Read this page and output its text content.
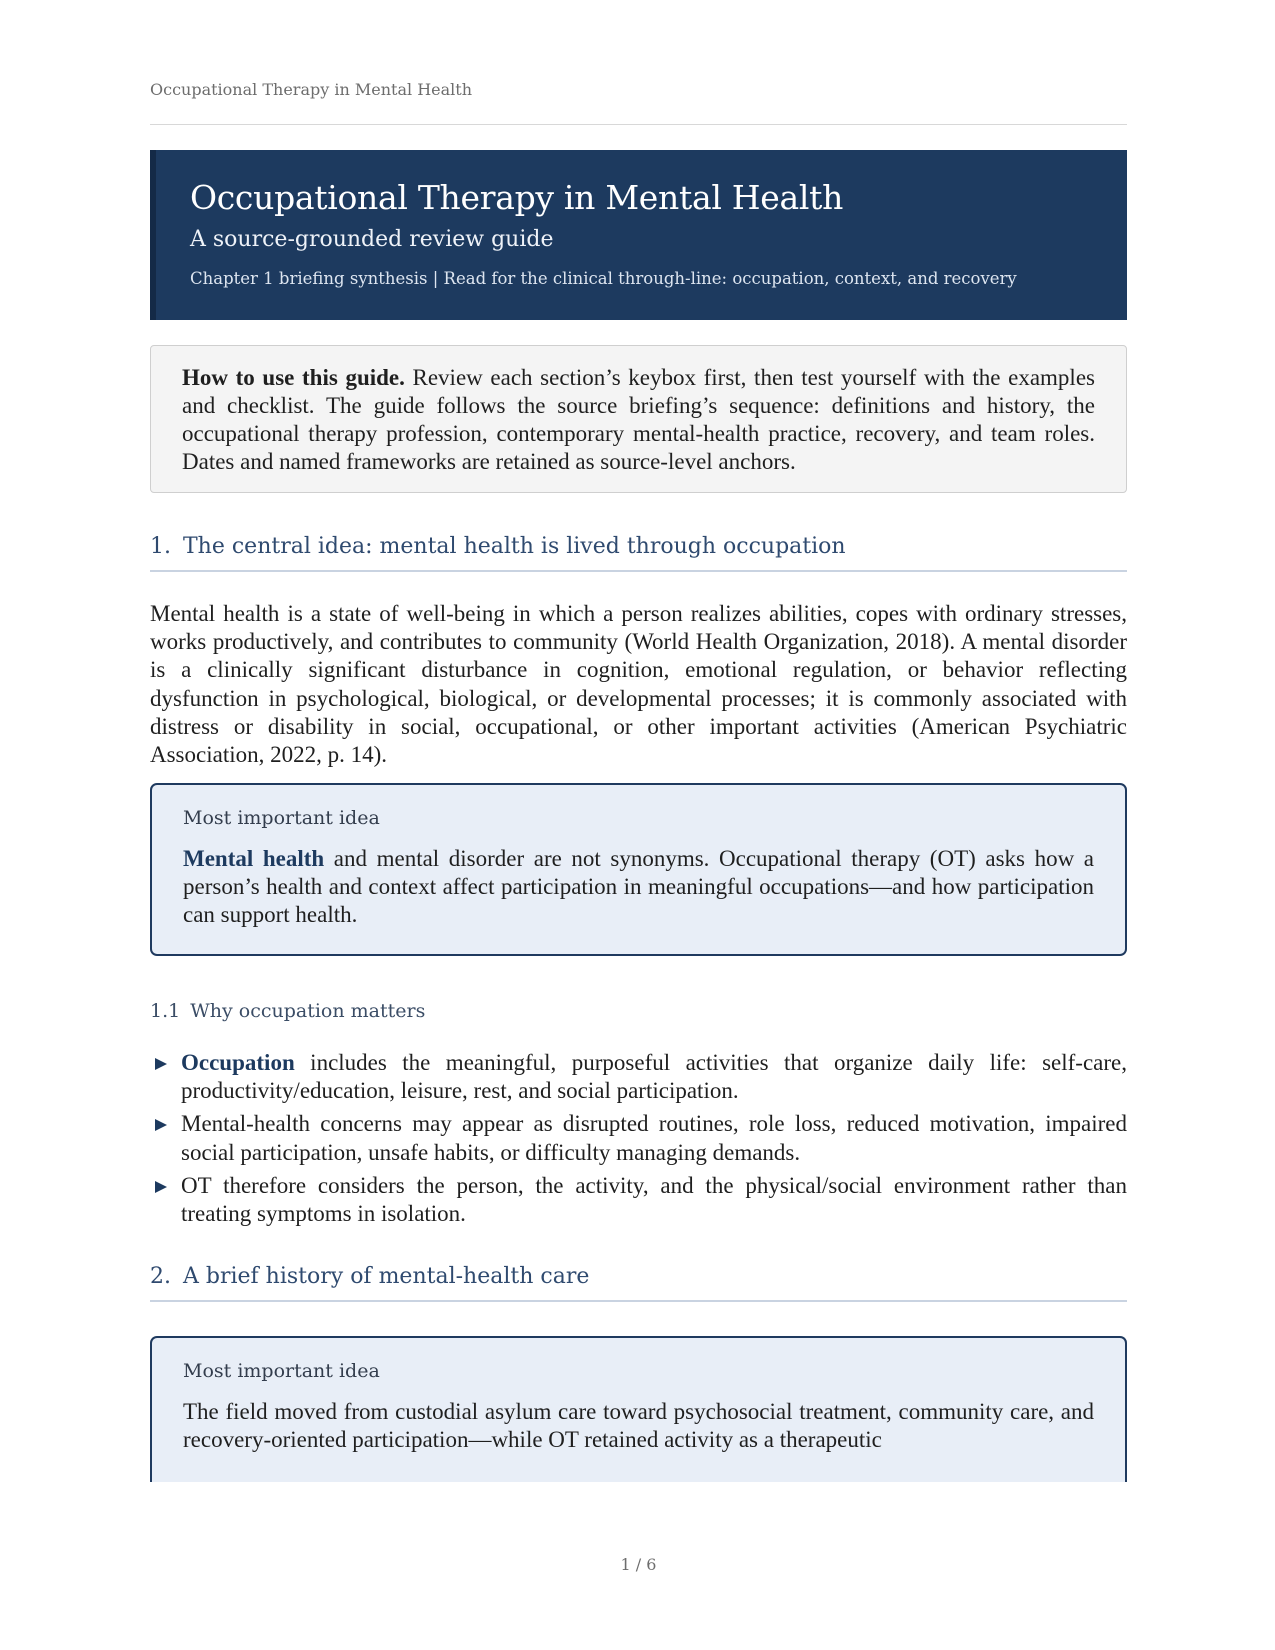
Occupational Therapy in Mental Health
Occupational Therapy in Mental Health

A source-grounded review guide

Chapter 1 briefing synthesis | Read for the clinical through-line: occupation, context, and recovery

How to use this guide. Review each section’s keybox first, then test yourself with the examples and checklist. The guide follows the source briefing’s sequence: definitions and history, the occupational therapy profession, contemporary mental-health practice, recovery, and team roles. Dates and named frameworks are retained as source-level anchors.
1. The central idea: mental health is lived through occupation

Mental health is a state of well-being in which a person realizes abilities, copes with ordinary stresses, works productively, and contributes to community (World Health Organization, 2018). A mental disorder is a clinically significant disturbance in cognition, emotional regulation, or behavior reflecting dysfunction in psychological, biological, or developmental processes; it is commonly associated with distress or disability in social, occupational, or other important activities (American Psychiatric Association, 2022, p. 14).

Most important idea

Mental health and mental disorder are not synonyms. Occupational therapy (OT) asks how a person’s health and context affect participation in meaningful occupations—and how participation can support health.

1.1 Why occupation matters
Occupation includes the meaningful, purposeful activities that organize daily life: self-care, productivity/education, leisure, rest, and social participation.
Mental-health concerns may appear as disrupted routines, role loss, reduced motivation, impaired social participation, unsafe habits, or difficulty managing demands.
OT therefore considers the person, the activity, and the physical/social environment rather than treating symptoms in isolation.
2. A brief history of mental-health care

Most important idea

The field moved from custodial asylum care toward psychosocial treatment, community care, and recovery-oriented participation—while OT retained activity as a therapeutic

1 / 6
